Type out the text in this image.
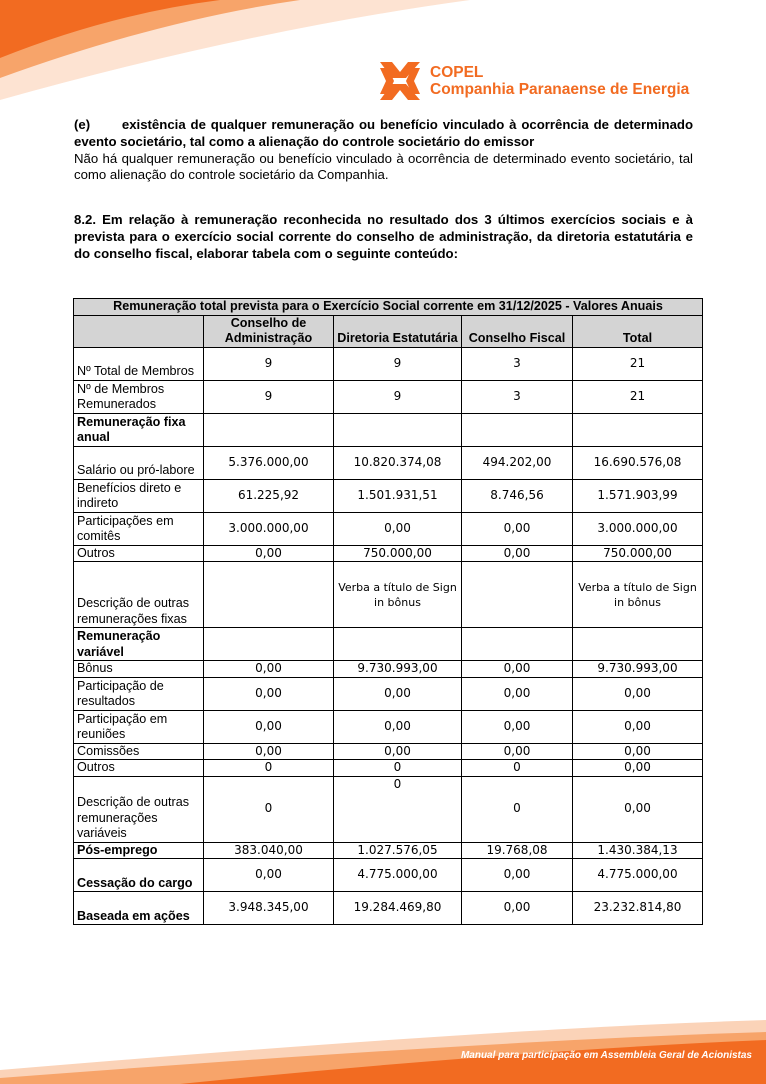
COPEL
Companhia Paranaense de Energia
(e) existência de qualquer remuneração ou benefício vinculado à ocorrência de determinado evento societário, tal como a alienação do controle societário do emissor
Não há qualquer remuneração ou benefício vinculado à ocorrência de determinado evento societário, tal como alienação do controle societário da Companhia.
8.2. Em relação à remuneração reconhecida no resultado dos 3 últimos exercícios sociais e à prevista para o exercício social corrente do conselho de administração, da diretoria estatutária e do conselho fiscal, elaborar tabela com o seguinte conteúdo:
Remuneração total prevista para o Exercício Social corrente em 31/12/2025 - Valores Anuais				
	Conselho de Administração	Diretoria Estatutária	Conselho Fiscal	Total
Nº Total de Membros	9	9	3	21
Nº de Membros Remunerados	9	9	3	21
Remuneração fixa anual				
Salário ou pró-labore	5.376.000,00	10.820.374,08	494.202,00	16.690.576,08
Benefícios direto e indireto	61.225,92	1.501.931,51	8.746,56	1.571.903,99
Participações em comitês	3.000.000,00	0,00	0,00	3.000.000,00
Outros	0,00	750.000,00	0,00	750.000,00
Descrição de outras remunerações fixas		Verba a título de Sign in bônus		Verba a título de Sign in bônus
Remuneração variável				
Bônus	0,00	9.730.993,00	0,00	9.730.993,00
Participação de resultados	0,00	0,00	0,00	0,00
Participação em reuniões	0,00	0,00	0,00	0,00
Comissões	0,00	0,00	0,00	0,00
Outros	0	0	0	0,00
Descrição de outras remunerações variáveis	0	0	0	0,00
Pós-emprego	383.040,00	1.027.576,05	19.768,08	1.430.384,13
Cessação do cargo	0,00	4.775.000,00	0,00	4.775.000,00
Baseada em ações	3.948.345,00	19.284.469,80	0,00	23.232.814,80
Manual para participação em Assembleia Geral de Acionistas
